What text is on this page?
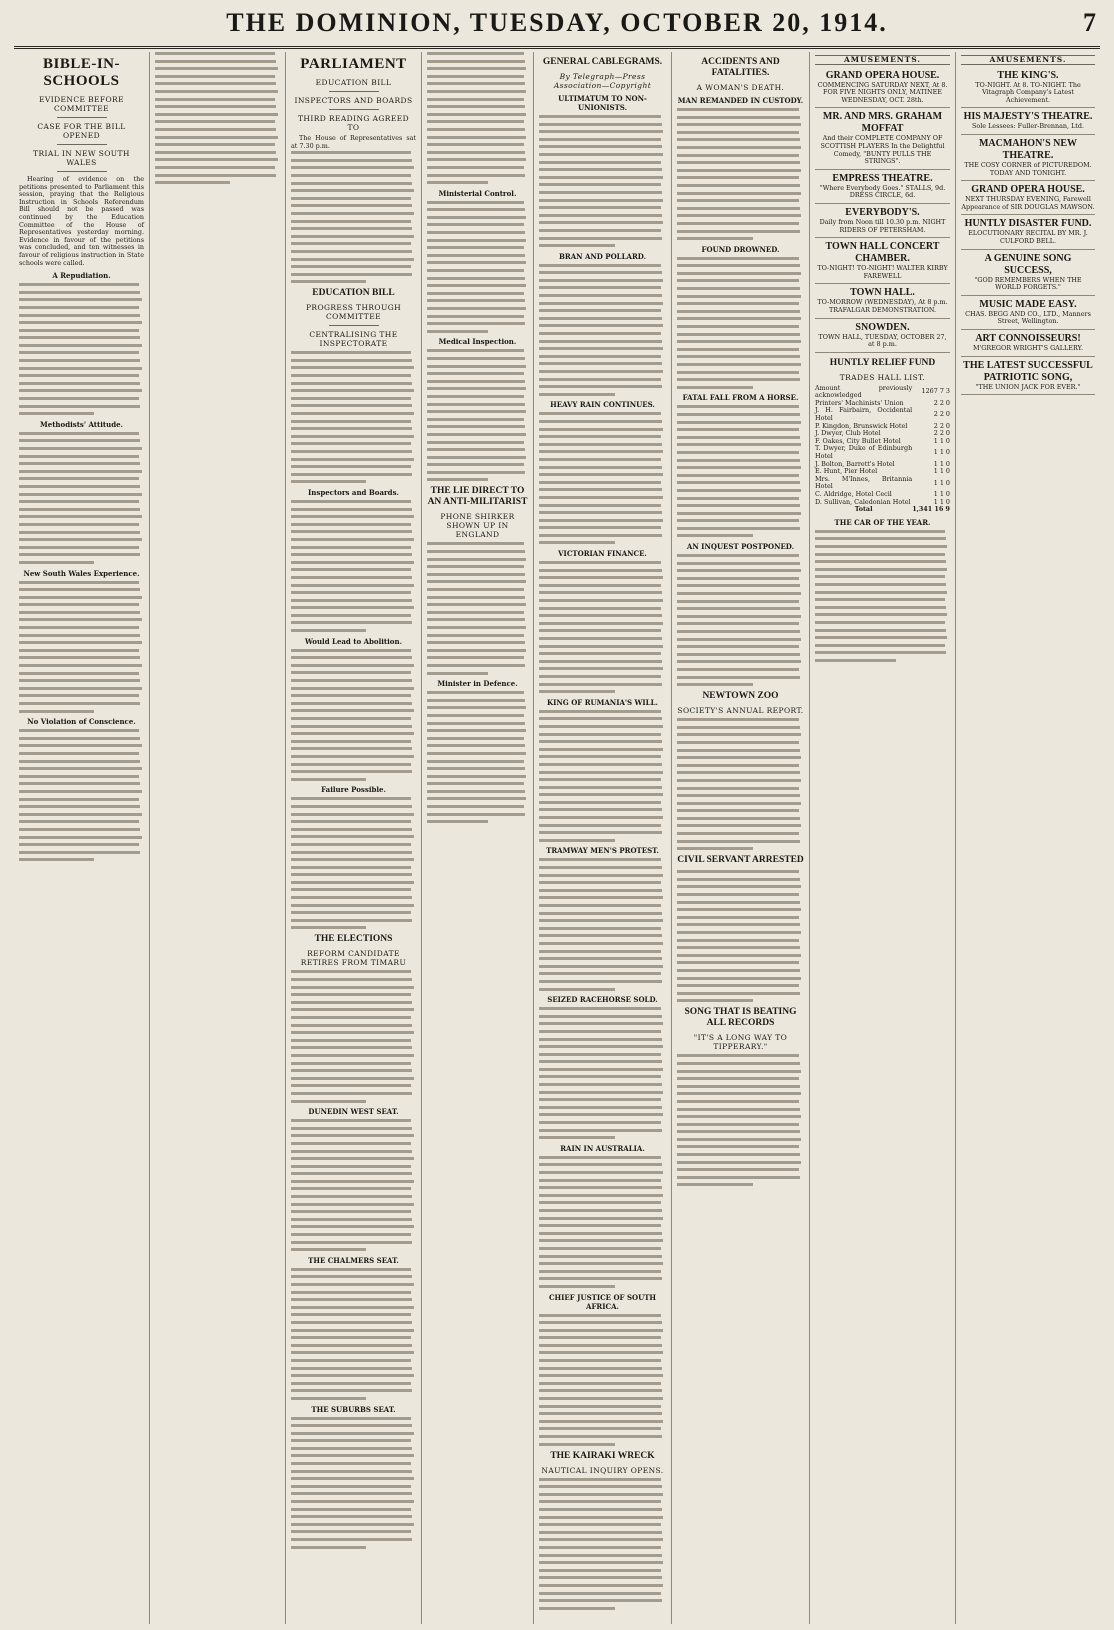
THE DOMINION, TUESDAY, OCTOBER 20, 1914.	7
BIBLE-IN-SCHOOLS
EVIDENCE BEFORE COMMITTEE
CASE FOR THE BILL OPENED
TRIAL IN NEW SOUTH WALES

Hearing of evidence on the petitions presented to Parliament this session, praying that the Religious Instruction in Schools Referendum Bill should not be passed was continued by the Education Committee of the House of Representatives yesterday morning. Evidence in favour of the petitions was concluded, and ten witnesses in favour of religious instruction in State schools were called.

A Repudiation.
Methodists' Attitude.
New South Wales Experience.
No Violation of Conscience.
PARLIAMENT
EDUCATION BILL
INSPECTORS AND BOARDS
THIRD READING AGREED TO

The House of Representatives sat at 7.30 p.m.

EDUCATION BILL
PROGRESS THROUGH COMMITTEE
CENTRALISING THE INSPECTORATE
Inspectors and Boards.
Would Lead to Abolition.
Failure Possible.
THE ELECTIONS
REFORM CANDIDATE RETIRES FROM TIMARU
DUNEDIN WEST SEAT.
THE CHALMERS SEAT.
THE SUBURBS SEAT.
Ministerial Control.
Medical Inspection.
THE LIE DIRECT TO AN ANTI-MILITARIST
PHONE SHIRKER SHOWN UP IN ENGLAND
Minister in Defence.
GENERAL CABLEGRAMS.
By Telegraph—Press Association—Copyright
ULTIMATUM TO NON-UNIONISTS.
BRAN AND POLLARD.
HEAVY RAIN CONTINUES.
VICTORIAN FINANCE.
KING OF RUMANIA'S WILL.
TRAMWAY MEN'S PROTEST.
SEIZED RACEHORSE SOLD.
RAIN IN AUSTRALIA.
CHIEF JUSTICE OF SOUTH AFRICA.
THE KAIRAKI WRECK
NAUTICAL INQUIRY OPENS.
ACCIDENTS AND FATALITIES.
A WOMAN'S DEATH.
MAN REMANDED IN CUSTODY.
FOUND DROWNED.
FATAL FALL FROM A HORSE.
AN INQUEST POSTPONED.
NEWTOWN ZOO
SOCIETY'S ANNUAL REPORT.
CIVIL SERVANT ARRESTED
SONG THAT IS BEATING ALL RECORDS
"IT'S A LONG WAY TO TIPPERARY."
AMUSEMENTS.
GRAND OPERA HOUSE.
COMMENCING SATURDAY NEXT, At 8. FOR FIVE NIGHTS ONLY, MATINEE WEDNESDAY, OCT. 28th.
MR. AND MRS. GRAHAM MOFFAT
And their COMPLETE COMPANY OF SCOTTISH PLAYERS In the Delightful Comedy, "BUNTY PULLS THE STRINGS".
EMPRESS THEATRE.
"Where Everybody Goes." STALLS, 9d. DRESS CIRCLE, 6d.
EVERYBODY'S.
Daily from Noon till 10.30 p.m. NIGHT RIDERS OF PETERSHAM.
TOWN HALL CONCERT CHAMBER.
TO-NIGHT! TO-NIGHT! WALTER KIRBY FAREWELL
TOWN HALL.
TO-MORROW (WEDNESDAY), At 8 p.m. TRAFALGAR DEMONSTRATION.
SNOWDEN.
TOWN HALL, TUESDAY, OCTOBER 27, at 8 p.m.
HUNTLY RELIEF FUND
TRADES HALL LIST.
Amount previously acknowledged	1267 7 3
Printers' Machinists' Union	2 2 0
J. H. Fairbairn, Occidental Hotel	2 2 0
P. Kingdon, Brunswick Hotel	2 2 0
J. Dwyer, Club Hotel	2 2 0
F. Oakes, City Bullet Hotel	1 1 0
T. Dwyer, Duke of Edinburgh Hotel	1 1 0
J. Bolton, Barrett's Hotel	1 1 0
E. Hunt, Pier Hotel	1 1 0
Mrs. M'Innes, Britannia Hotel	1 1 0
C. Aldridge, Hotel Cecil	1 1 0
D. Sullivan, Caledonian Hotel	1 1 0
Total	1,341 16 9
THE CAR OF THE YEAR.
AMUSEMENTS.
THE KING'S.
TO-NIGHT. At 8. TO-NIGHT. The Vitagraph Company's Latest Achievement.
HIS MAJESTY'S THEATRE.
Sole Lessees: Fuller-Brennan, Ltd.
MACMAHON'S NEW THEATRE.
THE COSY CORNER of PICTUREDOM. TODAY AND TONIGHT.
GRAND OPERA HOUSE.
NEXT THURSDAY EVENING, Farewell Appearance of SIR DOUGLAS MAWSON.
HUNTLY DISASTER FUND.
ELOCUTIONARY RECITAL BY MR. J. CULFORD BELL.
A GENUINE SONG SUCCESS,
"GOD REMEMBERS WHEN THE WORLD FORGETS."
MUSIC MADE EASY.
CHAS. BEGG AND CO., LTD., Manners Street, Wellington.
ART CONNOISSEURS!
M'GREGOR WRIGHT'S GALLERY.
THE LATEST SUCCESSFUL PATRIOTIC SONG,
"THE UNION JACK FOR EVER."
